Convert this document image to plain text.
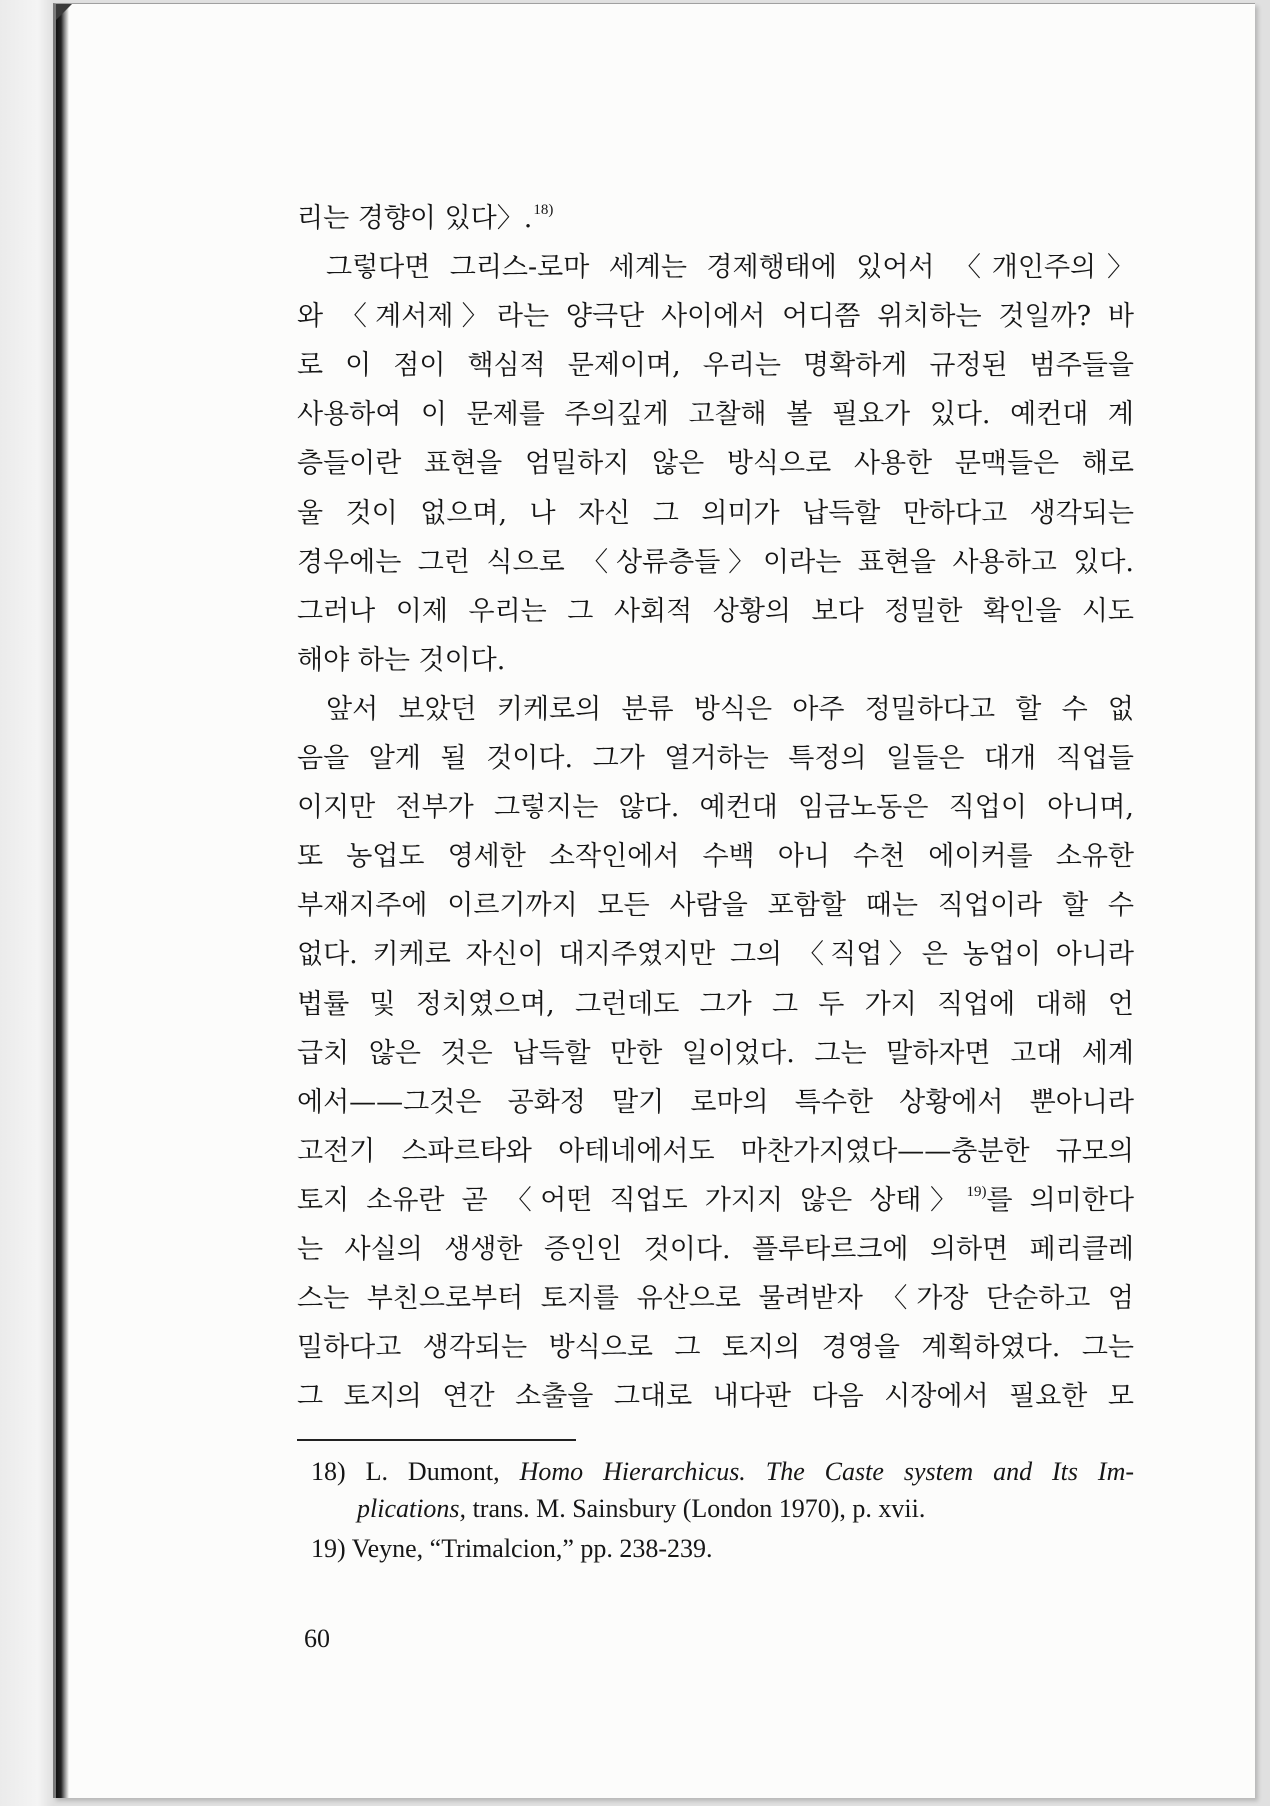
리는 경향이 있다〉.$^{18)}$
그렇다면 그리스-로마 세계는 경제행태에 있어서 〈개인주의〉
와 〈계서제〉라는 양극단 사이에서 어디쯤 위치하는 것일까? 바
로 이 점이 핵심적 문제이며, 우리는 명확하게 규정된 범주들을
사용하여 이 문제를 주의깊게 고찰해 볼 필요가 있다. 예컨대 계
층들이란 표현을 엄밀하지 않은 방식으로 사용한 문맥들은 해로
울 것이 없으며, 나 자신 그 의미가 납득할 만하다고 생각되는
경우에는 그런 식으로 〈상류층들〉이라는 표현을 사용하고 있다.
그러나 이제 우리는 그 사회적 상황의 보다 정밀한 확인을 시도
해야 하는 것이다.
앞서 보았던 키케로의 분류 방식은 아주 정밀하다고 할 수 없
음을 알게 될 것이다. 그가 열거하는 특정의 일들은 대개 직업들
이지만 전부가 그렇지는 않다. 예컨대 임금노동은 직업이 아니며,
또 농업도 영세한 소작인에서 수백 아니 수천 에이커를 소유한
부재지주에 이르기까지 모든 사람을 포함할 때는 직업이라 할 수
없다. 키케로 자신이 대지주였지만 그의 〈직업〉은 농업이 아니라
법률 및 정치였으며, 그런데도 그가 그 두 가지 직업에 대해 언
급치 않은 것은 납득할 만한 일이었다. 그는 말하자면 고대 세계
에서——그것은 공화정 말기 로마의 특수한 상황에서 뿐아니라
고전기 스파르타와 아테네에서도 마찬가지였다——충분한 규모의
토지 소유란 곧 〈어떤 직업도 가지지 않은 상태〉$^{19)}$를 의미한다
는 사실의 생생한 증인인 것이다. 플루타르크에 의하면 페리클레
스는 부친으로부터 토지를 유산으로 물려받자 〈가장 단순하고 엄
밀하다고 생각되는 방식으로 그 토지의 경영을 계획하였다. 그는
그 토지의 연간 소출을 그대로 내다판 다음 시장에서 필요한 모
18) L. Dumont, Homo Hierarchicus. The Caste system and Its Im-
plications, trans. M. Sainsbury (London 1970), p. xvii.
19) Veyne, “Trimalcion,” pp. 238-239.
60
